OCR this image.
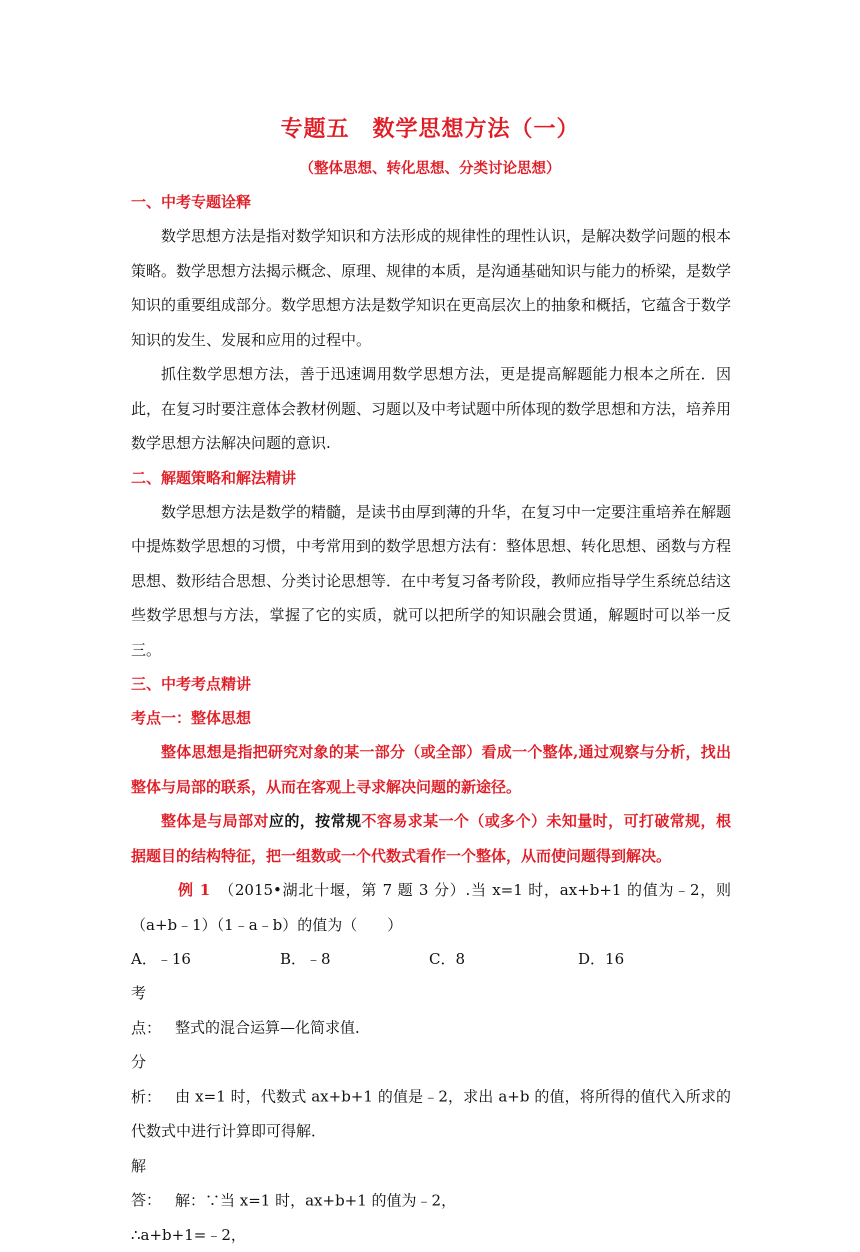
专题五　数学思想方法（一）
（整体思想、转化思想、分类讨论思想）
一、中考专题诠释

数学思想方法是指对数学知识和方法形成的规律性的理性认识，是解决数学问题的根本策略。数学思想方法揭示概念、原理、规律的本质，是沟通基础知识与能力的桥梁，是数学知识的重要组成部分。数学思想方法是数学知识在更高层次上的抽象和概括，它蕴含于数学知识的发生、发展和应用的过程中。

抓住数学思想方法，善于迅速调用数学思想方法，更是提高解题能力根本之所在．因此，在复习时要注意体会教材例题、习题以及中考试题中所体现的数学思想和方法，培养用数学思想方法解决问题的意识.

二、解题策略和解法精讲

数学思想方法是数学的精髓，是读书由厚到薄的升华，在复习中一定要注重培养在解题中提炼数学思想的习惯，中考常用到的数学思想方法有：整体思想、转化思想、函数与方程思想、数形结合思想、分类讨论思想等．在中考复习备考阶段，教师应指导学生系统总结这些数学思想与方法，掌握了它的实质，就可以把所学的知识融会贯通，解题时可以举一反三。

三、中考考点精讲
考点一：整体思想

整体思想是指把研究对象的某一部分（或全部）看成一个整体,通过观察与分析，找出整体与局部的联系，从而在客观上寻求解决问题的新途径。

整体是与局部对应的，按常规不容易求某一个（或多个）未知量时，可打破常规，根据题目的结构特征，把一组数或一个代数式看作一个整体，从而使问题得到解决。

例 1　（2015•湖北十堰，第 7 题 3 分）.当 x=1 时，ax+b+1 的值为﹣2，则（a+b﹣1）（1﹣a﹣b）的值为（　　）

A．﹣16	B．﹣8	C．8	D．16
考点： 整式的混合运算—化简求值．

分析： 由 x=1 时，代数式 ax+b+1 的值是﹣2，求出 a+b 的值，将所得的值代入所求的代数式中进行计算即可得解．

解答： 解：∵当 x=1 时，ax+b+1 的值为﹣2，
∴a+b+1=﹣2，
